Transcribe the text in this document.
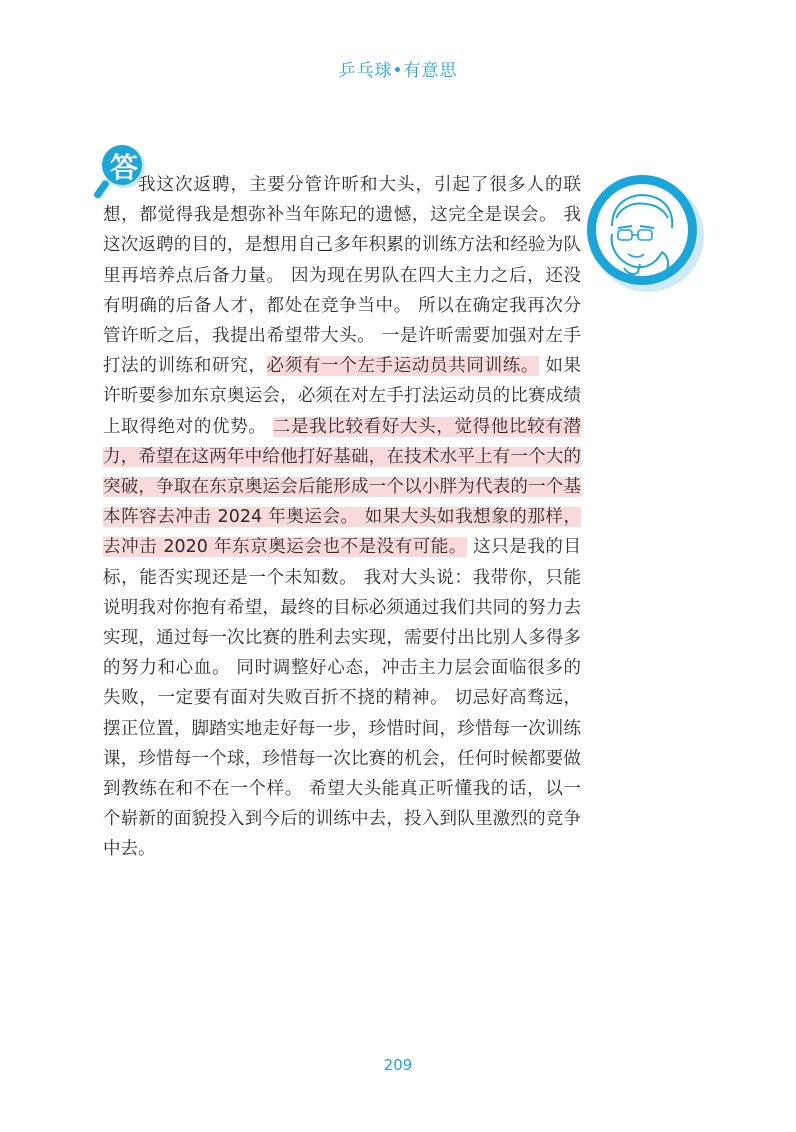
乒乓球•有意思
答

我这次返聘，主要分管许昕和大头，引起了很多人的联想，都觉得我是想弥补当年陈玘的遗憾，这完全是误会。 我这次返聘的目的，是想用自己多年积累的训练方法和经验为队里再培养点后备力量。 因为现在男队在四大主力之后，还没有明确的后备人才，都处在竞争当中。 所以在确定我再次分管许昕之后，我提出希望带大头。 一是许昕需要加强对左手打法的训练和研究，必须有一个左手运动员共同训练。 如果许昕要参加东京奥运会，必须在对左手打法运动员的比赛成绩上取得绝对的优势。 二是我比较看好大头，觉得他比较有潜力，希望在这两年中给他打好基础，在技术水平上有一个大的突破，争取在东京奥运会后能形成一个以小胖为代表的一个基本阵容去冲击 2024 年奥运会。 如果大头如我想象的那样，去冲击 2020 年东京奥运会也不是没有可能。 这只是我的目标，能否实现还是一个未知数。 我对大头说：我带你，只能说明我对你抱有希望，最终的目标必须通过我们共同的努力去实现，通过每一次比赛的胜利去实现，需要付出比别人多得多的努力和心血。 同时调整好心态，冲击主力层会面临很多的失败，一定要有面对失败百折不挠的精神。 切忌好高骛远，摆正位置，脚踏实地走好每一步，珍惜时间，珍惜每一次训练课，珍惜每一个球，珍惜每一次比赛的机会，任何时候都要做到教练在和不在一个样。 希望大头能真正听懂我的话，以一个崭新的面貌投入到今后的训练中去，投入到队里激烈的竞争中去。

209
